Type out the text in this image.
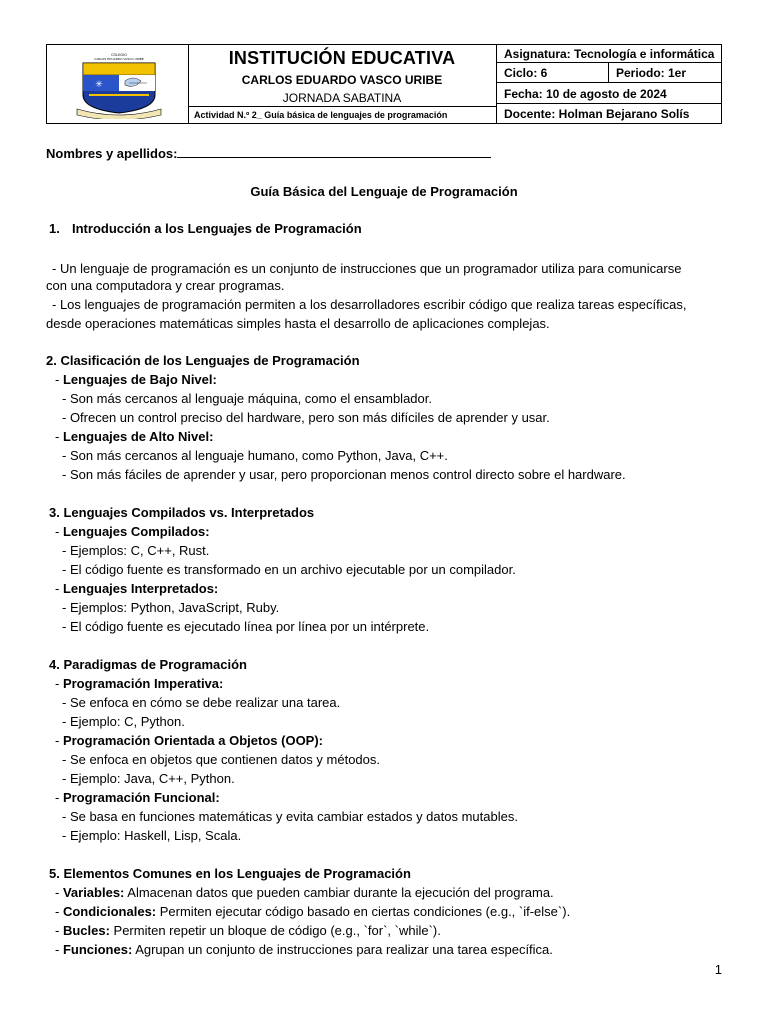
COLEGIO
CARLOS EDUARDO VASCO URIBE
✳
INSTITUCIÓN EDUCATIVA
CARLOS EDUARDO VASCO URIBE
JORNADA SABATINA
Actividad N.º 2_ Guía básica de lenguajes de programación
Asignatura: Tecnología e informática
Ciclo: 6	Periodo: 1er
Fecha: 10 de agosto de 2024
Docente: Holman Bejarano Solís
Nombres y apellidos:
Guía Básica del Lenguaje de Programación
1. Introducción a los Lenguajes de Programación
- Un lenguaje de programación es un conjunto de instrucciones que un programador utiliza para comunicarse
con una computadora y crear programas.
- Los lenguajes de programación permiten a los desarrolladores escribir código que realiza tareas específicas,
desde operaciones matemáticas simples hasta el desarrollo de aplicaciones complejas.
2. Clasificación de los Lenguajes de Programación
- Lenguajes de Bajo Nivel:
- Son más cercanos al lenguaje máquina, como el ensamblador.
- Ofrecen un control preciso del hardware, pero son más difíciles de aprender y usar.
- Lenguajes de Alto Nivel:
- Son más cercanos al lenguaje humano, como Python, Java, C++.
- Son más fáciles de aprender y usar, pero proporcionan menos control directo sobre el hardware.
3. Lenguajes Compilados vs. Interpretados
- Lenguajes Compilados:
- Ejemplos: C, C++, Rust.
- El código fuente es transformado en un archivo ejecutable por un compilador.
- Lenguajes Interpretados:
- Ejemplos: Python, JavaScript, Ruby.
- El código fuente es ejecutado línea por línea por un intérprete.
4. Paradigmas de Programación
- Programación Imperativa:
- Se enfoca en cómo se debe realizar una tarea.
- Ejemplo: C, Python.
- Programación Orientada a Objetos (OOP):
- Se enfoca en objetos que contienen datos y métodos.
- Ejemplo: Java, C++, Python.
- Programación Funcional:
- Se basa en funciones matemáticas y evita cambiar estados y datos mutables.
- Ejemplo: Haskell, Lisp, Scala.
5. Elementos Comunes en los Lenguajes de Programación
- Variables: Almacenan datos que pueden cambiar durante la ejecución del programa.
- Condicionales: Permiten ejecutar código basado en ciertas condiciones (e.g., `if-else`).
- Bucles: Permiten repetir un bloque de código (e.g., `for`, `while`).
- Funciones: Agrupan un conjunto de instrucciones para realizar una tarea específica.
1
